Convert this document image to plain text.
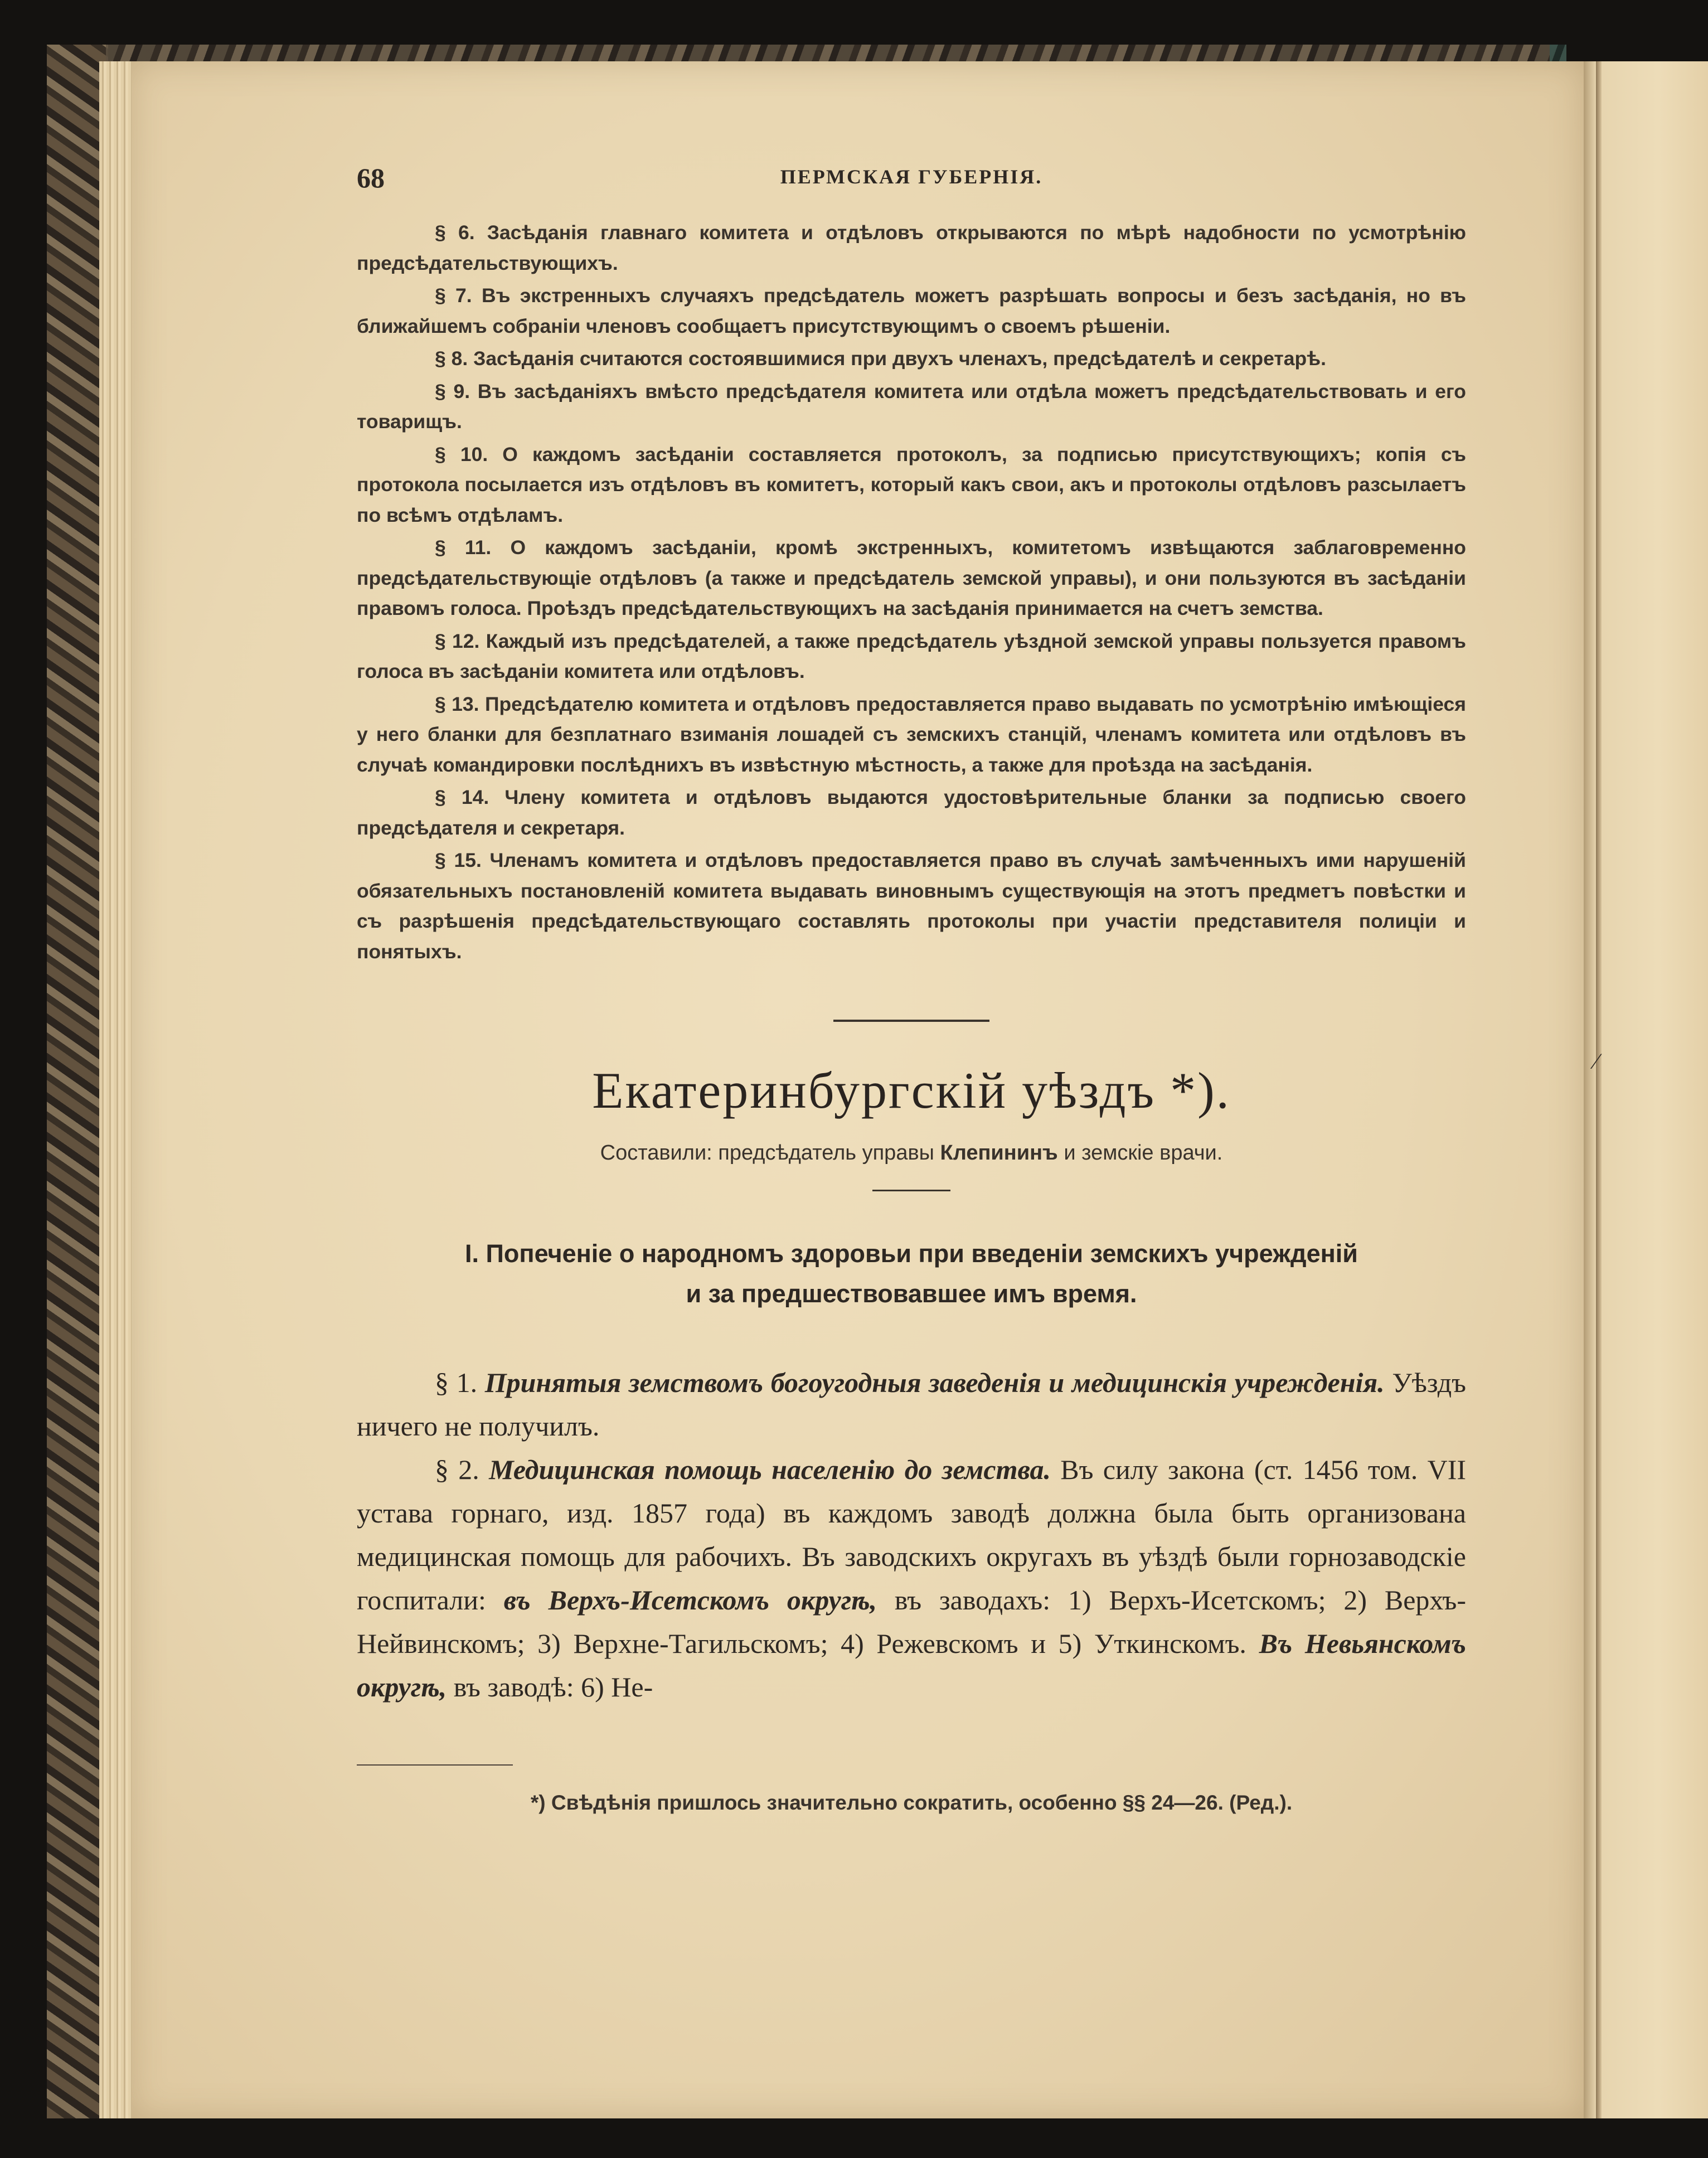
68	ПЕРМСКАЯ ГУБЕРНІЯ.

§ 6. Засѣданія главнаго комитета и отдѣловъ открываются по мѣрѣ надобности по усмотрѣнію предсѣдательствующихъ.

§ 7. Въ экстренныхъ случаяхъ предсѣдатель можетъ разрѣшать вопросы и безъ засѣданія, но въ ближайшемъ собраніи членовъ сообщаетъ присутствующимъ о своемъ рѣшеніи.

§ 8. Засѣданія считаются состоявшимися при двухъ членахъ, предсѣдателѣ и секретарѣ.

§ 9. Въ засѣданіяхъ вмѣсто предсѣдателя комитета или отдѣла можетъ предсѣдательствовать и его товарищъ.

§ 10. О каждомъ засѣданіи составляется протоколъ, за подписью присутствующихъ; копія съ протокола посылается изъ отдѣловъ въ комитетъ, который какъ свои, акъ и протоколы отдѣловъ разсылаетъ по всѣмъ отдѣламъ.

§ 11. О каждомъ засѣданіи, кромѣ экстренныхъ, комитетомъ извѣщаются заблаговременно предсѣдательствующіе отдѣловъ (а также и предсѣдатель земской управы), и они пользуются въ засѣданіи правомъ голоса. Проѣздъ предсѣдательствующихъ на засѣданія принимается на счетъ земства.

§ 12. Каждый изъ предсѣдателей, а также предсѣдатель уѣздной земской управы пользуется правомъ голоса въ засѣданіи комитета или отдѣловъ.

§ 13. Предсѣдателю комитета и отдѣловъ предоставляется право выдавать по усмотрѣнію имѣющіеся у него бланки для безплатнаго взиманія лошадей съ земскихъ станцій, членамъ комитета или отдѣловъ въ случаѣ командировки послѣднихъ въ извѣстную мѣстность, а также для проѣзда на засѣданія.

§ 14. Члену комитета и отдѣловъ выдаются удостовѣрительные бланки за подписью своего предсѣдателя и секретаря.

§ 15. Членамъ комитета и отдѣловъ предоставляется право въ случаѣ замѣченныхъ ими нарушеній обязательныхъ постановленій комитета выдавать виновнымъ существующія на этотъ предметъ повѣстки и съ разрѣшенія предсѣдательствующаго составлять протоколы при участіи представителя полиціи и понятыхъ.

Екатеринбургскій уѣздъ *).
Составили: предсѣдатель управы Клепининъ и земскіе врачи.
I. Попеченіе о народномъ здоровьи при введеніи земскихъ учрежденій
и за предшествовавшее имъ время.

§ 1. Принятыя земствомъ богоугодныя заведенія и медицинскія учрежденія. Уѣздъ ничего не получилъ.

§ 2. Медицинская помощь населенію до земства. Въ силу закона (ст. 1456 том. VII устава горнаго, изд. 1857 года) въ каждомъ заводѣ должна была быть организована медицинская помощь для рабочихъ. Въ заводскихъ округахъ въ уѣздѣ были горнозаводскіе госпитали: въ Верхъ-Исетскомъ округѣ, въ заводахъ: 1) Верхъ-Исетскомъ; 2) Верхъ-Нейвинскомъ; 3) Верхне-Тагильскомъ; 4) Режевскомъ и 5) Уткинскомъ. Въ Невьянскомъ округѣ, въ заводѣ: 6) Не-

*) Свѣдѣнія пришлось значительно сократить, особенно §§ 24—26. (Ред.).
⁄
